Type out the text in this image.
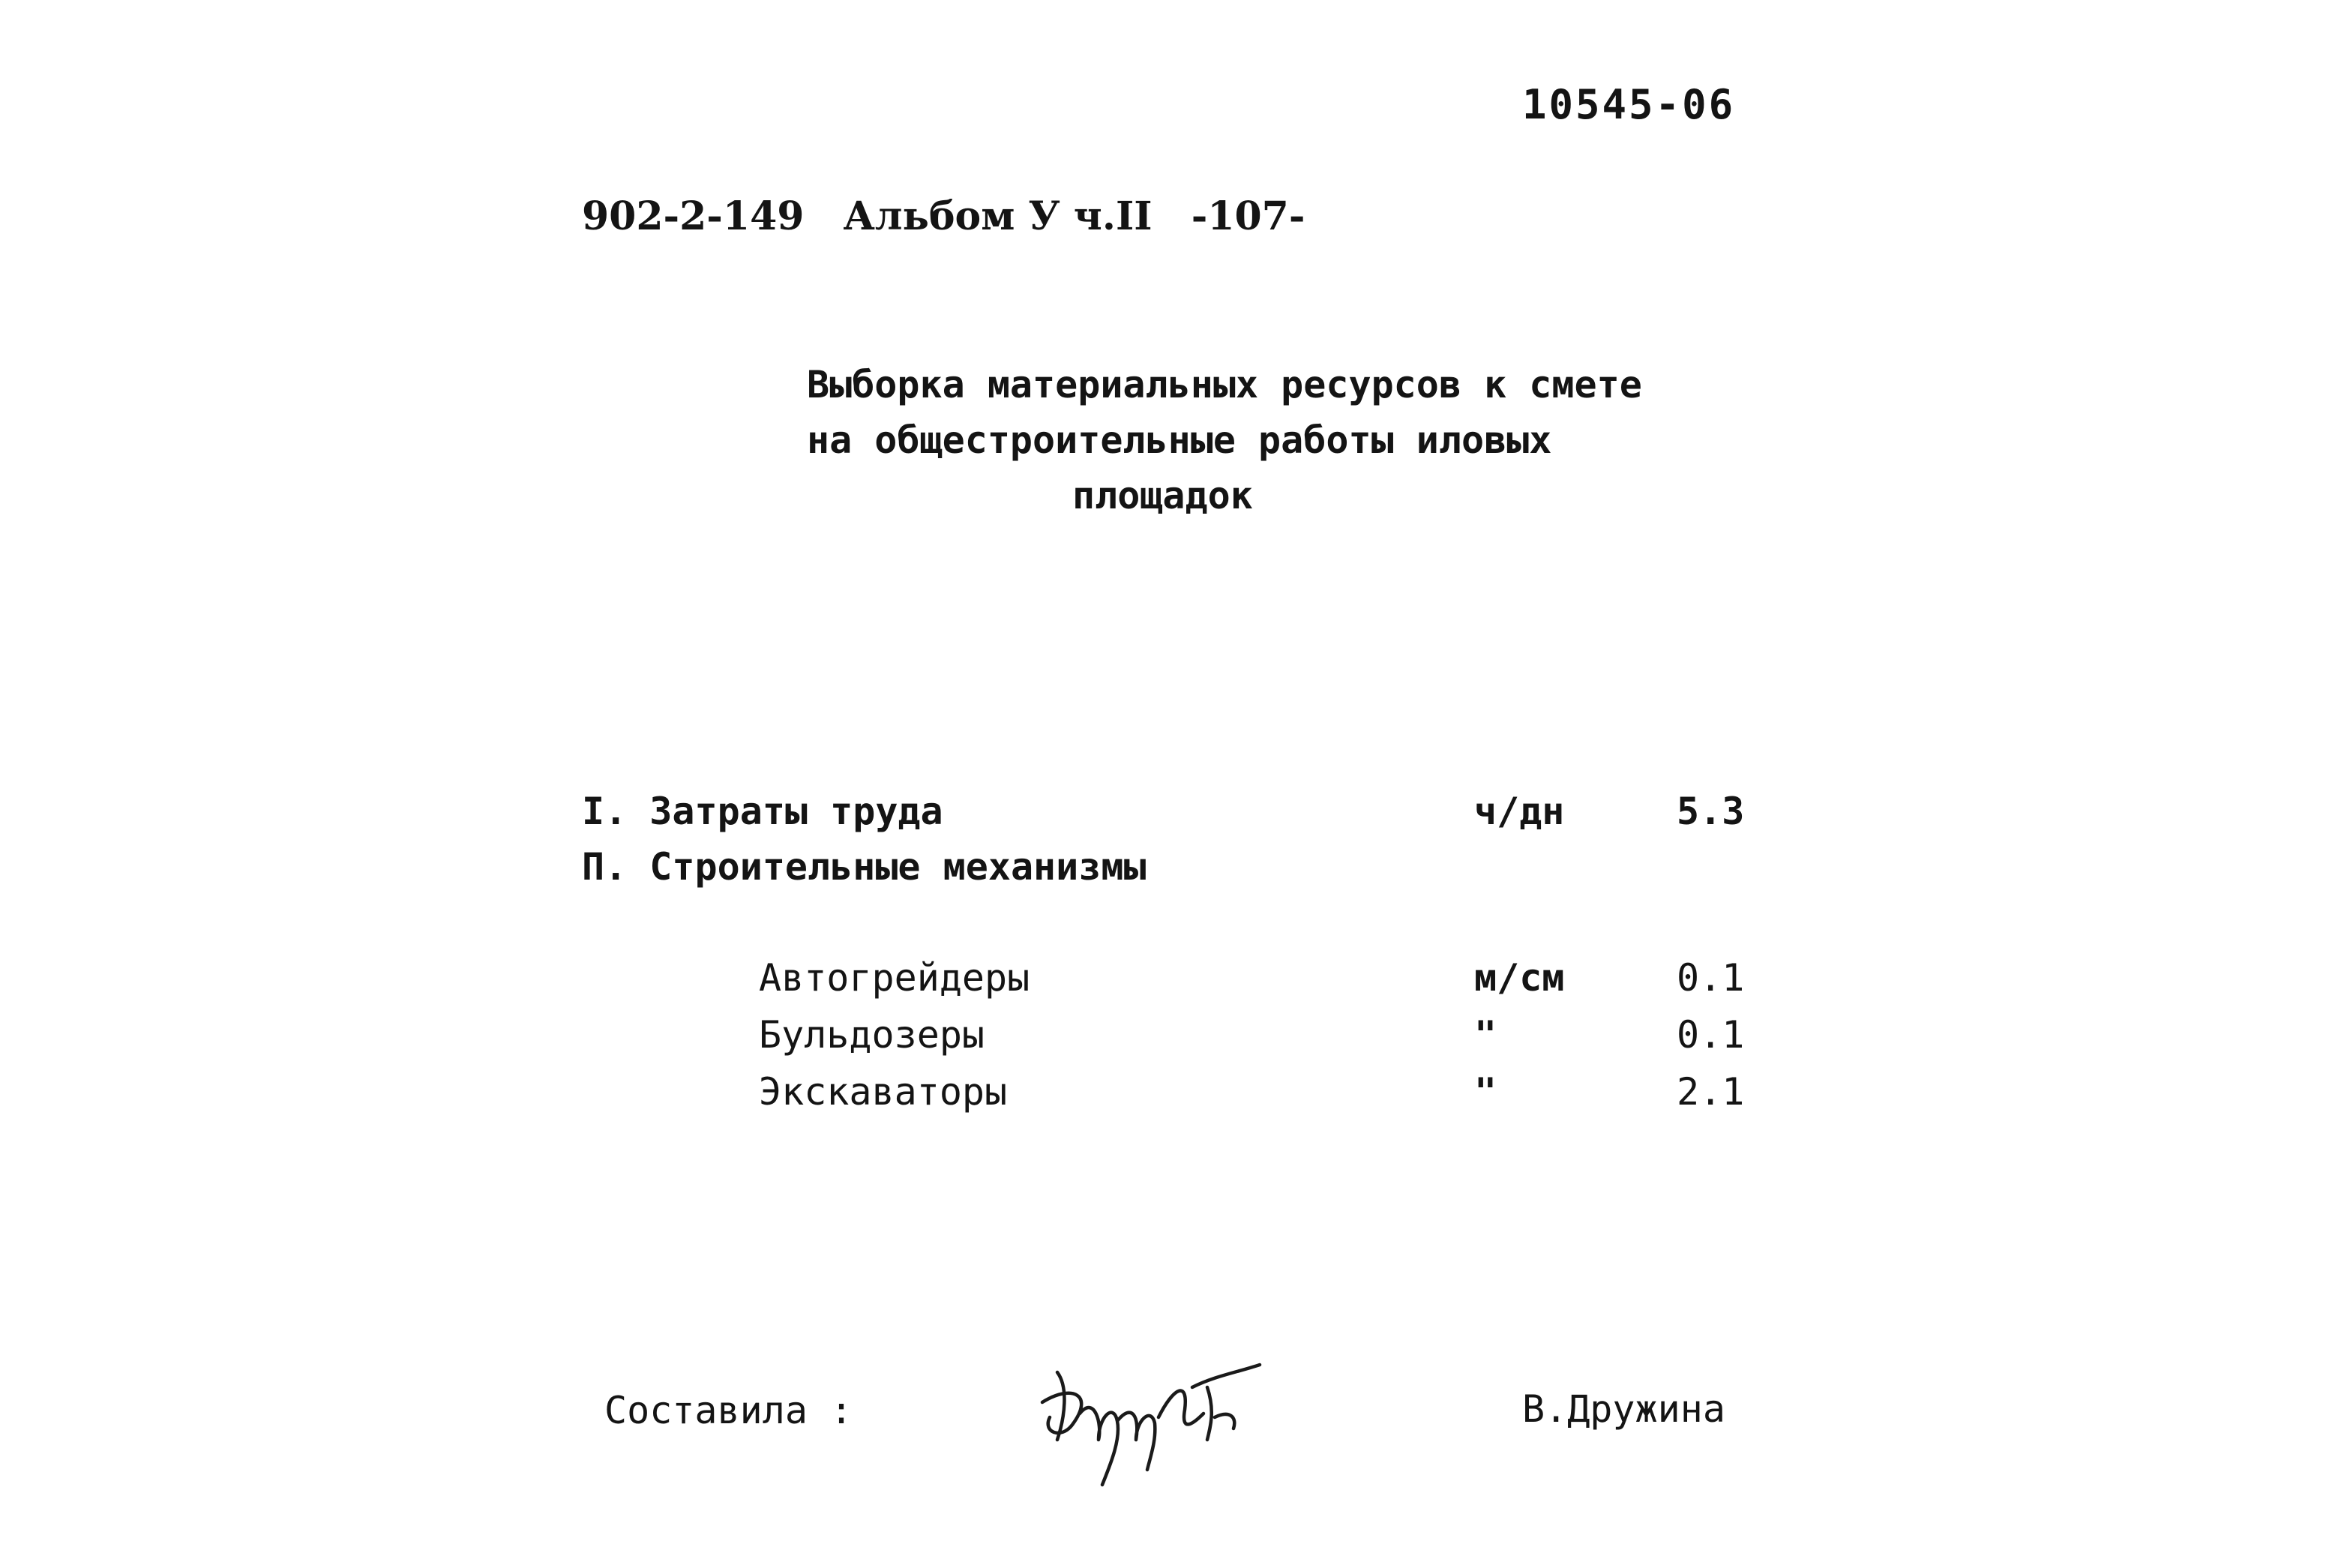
10545-06
902-2-149 Альбом У ч.II -107-
Выборка материальных ресурсов к смете
на общестроительные работы иловых
площадок
I. Затраты труда	ч/дн	5.3
П. Строительные механизмы
Автогрейдеры	м/см	0.1
Бульдозеры	"	0.1
Экскаваторы	"	2.1
Составила :	В.Дружина
